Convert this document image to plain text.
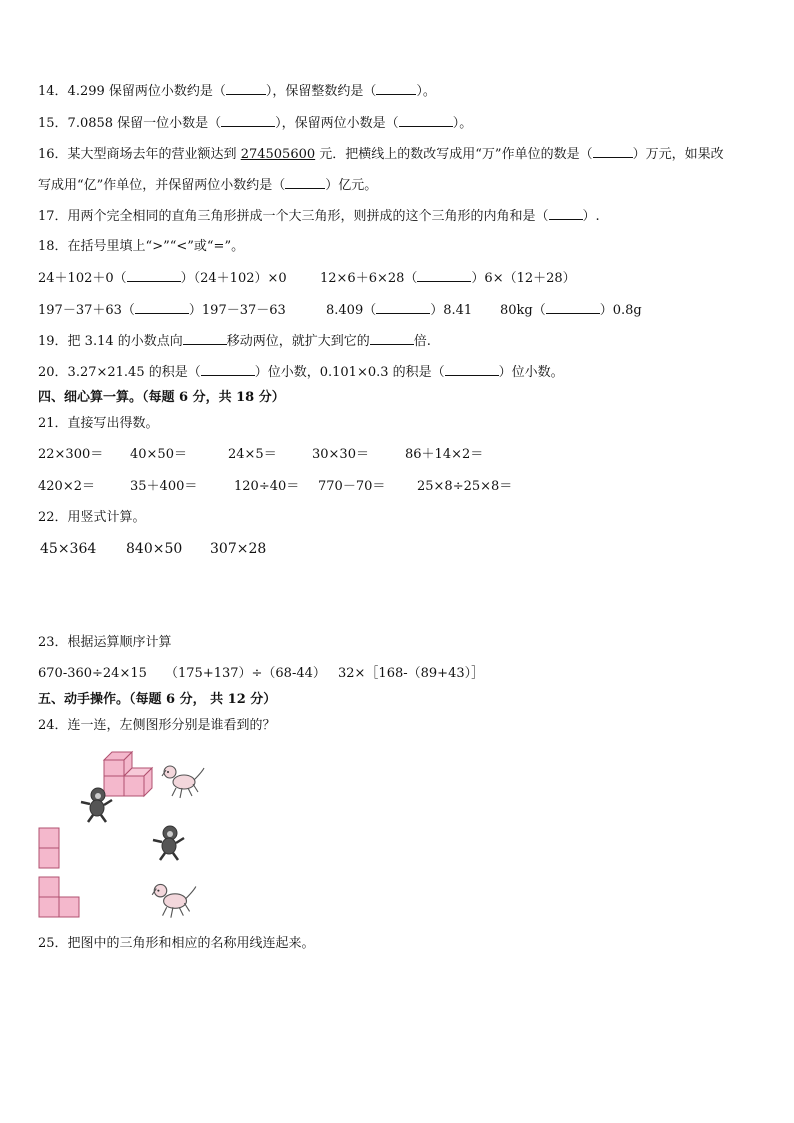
14．4.299 保留两位小数约是（	），保留整数约是（	）。
15．7.0858 保留一位小数是（	），保留两位小数是（	）。
16．某大型商场去年的营业额达到 274505600 元．把横线上的数改写成用“万”作单位的数是（	）万元，如果改
写成用“亿”作单位，并保留两位小数约是（	）亿元。
17．用两个完全相同的直角三角形拼成一个大三角形，则拼成的这个三角形的内角和是（	）.
18．在括号里填上“>”“<”或“=”。
24＋102＋0（	）（24＋102）×0	12×6＋6×28（	）6×（12＋28）
197－37＋63（	）197－37－63	8.409（	）8.41 80kg（	）0.8g
19．把 3.14 的小数点向	移动两位，就扩大到它的	倍.
20．3.27×21.45 的积是（	）位小数，0.101×0.3 的积是（	）位小数。
四、细心算一算。（每题 6 分，共 18 分）
21．直接写出得数。
22×300＝ 40×50＝	24×5＝	30×30＝	86＋14×2＝
420×2＝	35＋400＝	120÷40＝ 770－70＝ 25×8÷25×8＝
22．用竖式计算。
45×364 840×50 307×28
23．根据运算顺序计算
670-360÷24×15 （175+137）÷（68-44） 32×［168-（89+43）］
五、动手操作。（每题 6 分， 共 12 分）
24．连一连，左侧图形分别是谁看到的？
25．把图中的三角形和相应的名称用线连起来。
